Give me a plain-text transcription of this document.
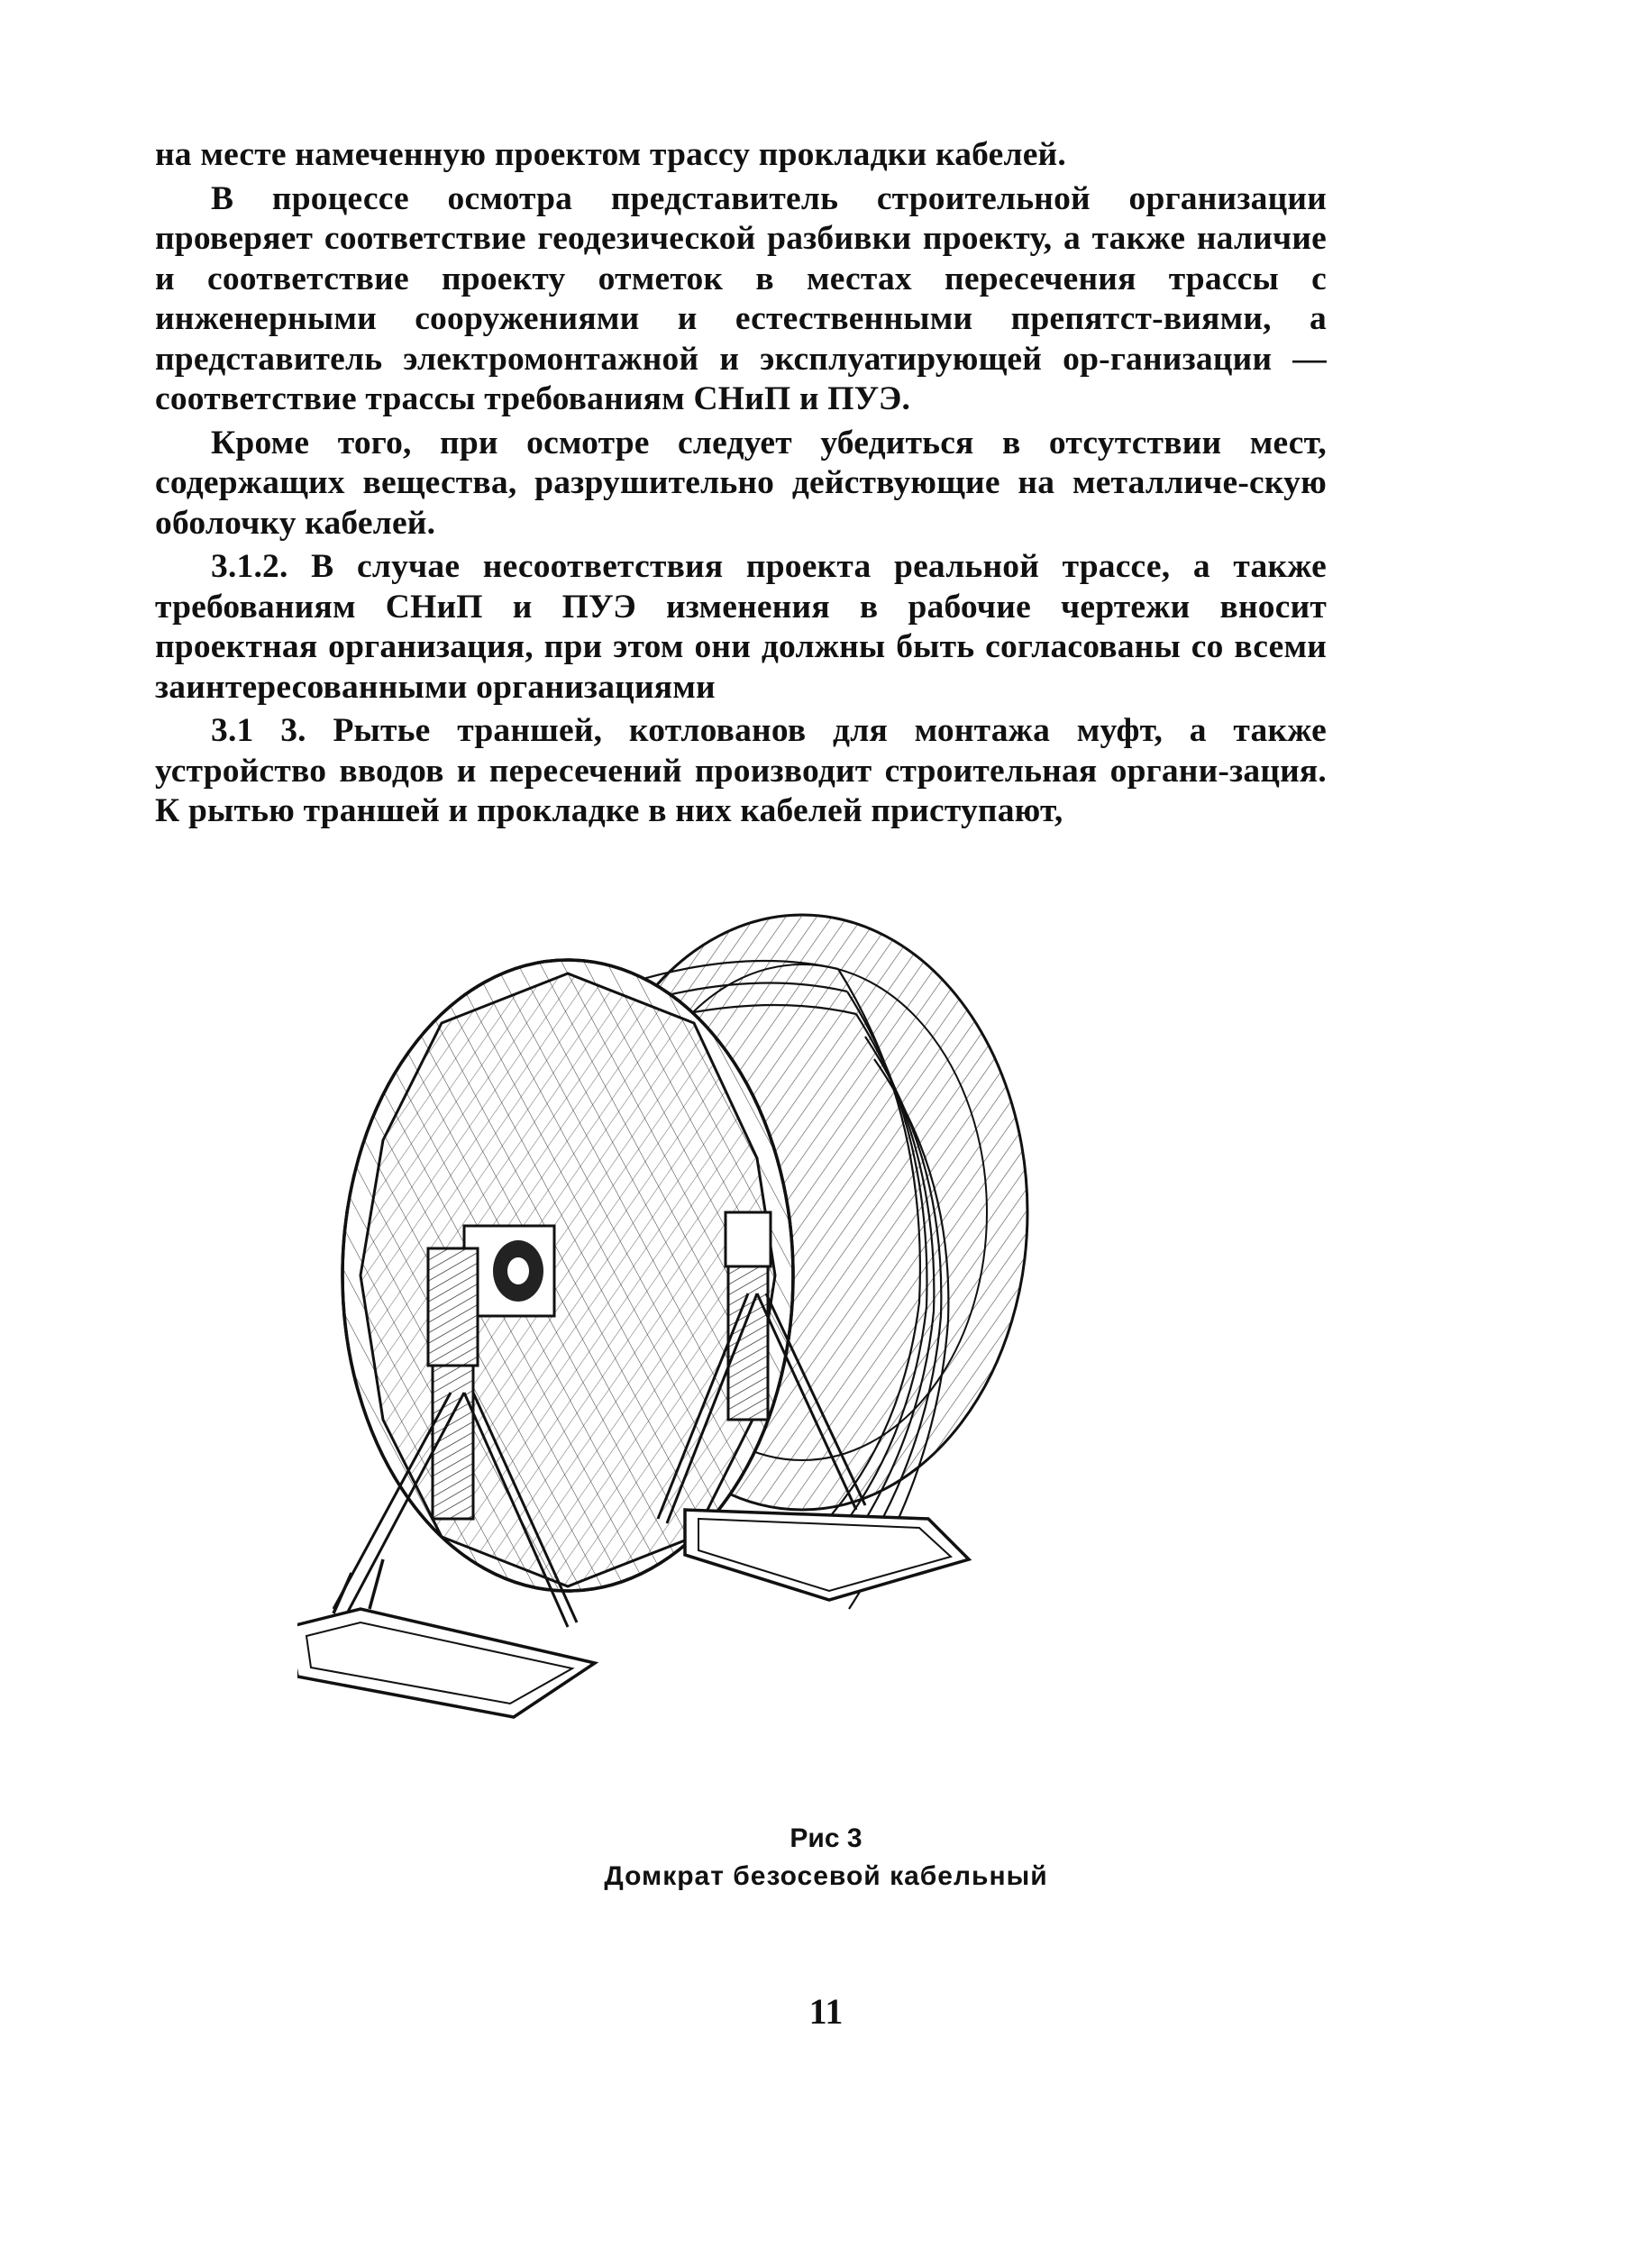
на месте намеченную проектом трассу прокладки кабелей.

В процессе осмотра представитель строительной организации проверяет соответствие геодезической разбивки проекту, а также наличие и соответствие проекту отметок в местах пересечения трассы с инженерными сооружениями и естественными препятст-виями, а представитель электромонтажной и эксплуатирующей ор-ганизации — соответствие трассы требованиям СНиП и ПУЭ.

Кроме того, при осмотре следует убедиться в отсутствии мест, содержащих вещества, разрушительно действующие на металличе-скую оболочку кабелей.

3.1.2. В случае несоответствия проекта реальной трассе, а также требованиям СНиП и ПУЭ изменения в рабочие чертежи вносит проектная организация, при этом они должны быть согласованы со всеми заинтересованными организациями

3.1 3. Рытье траншей, котлованов для монтажа муфт, а также устройство вводов и пересечений производит строительная органи-зация. К рытью траншей и прокладке в них кабелей приступают,

Рис 3
Домкрат безосевой кабельный
11
